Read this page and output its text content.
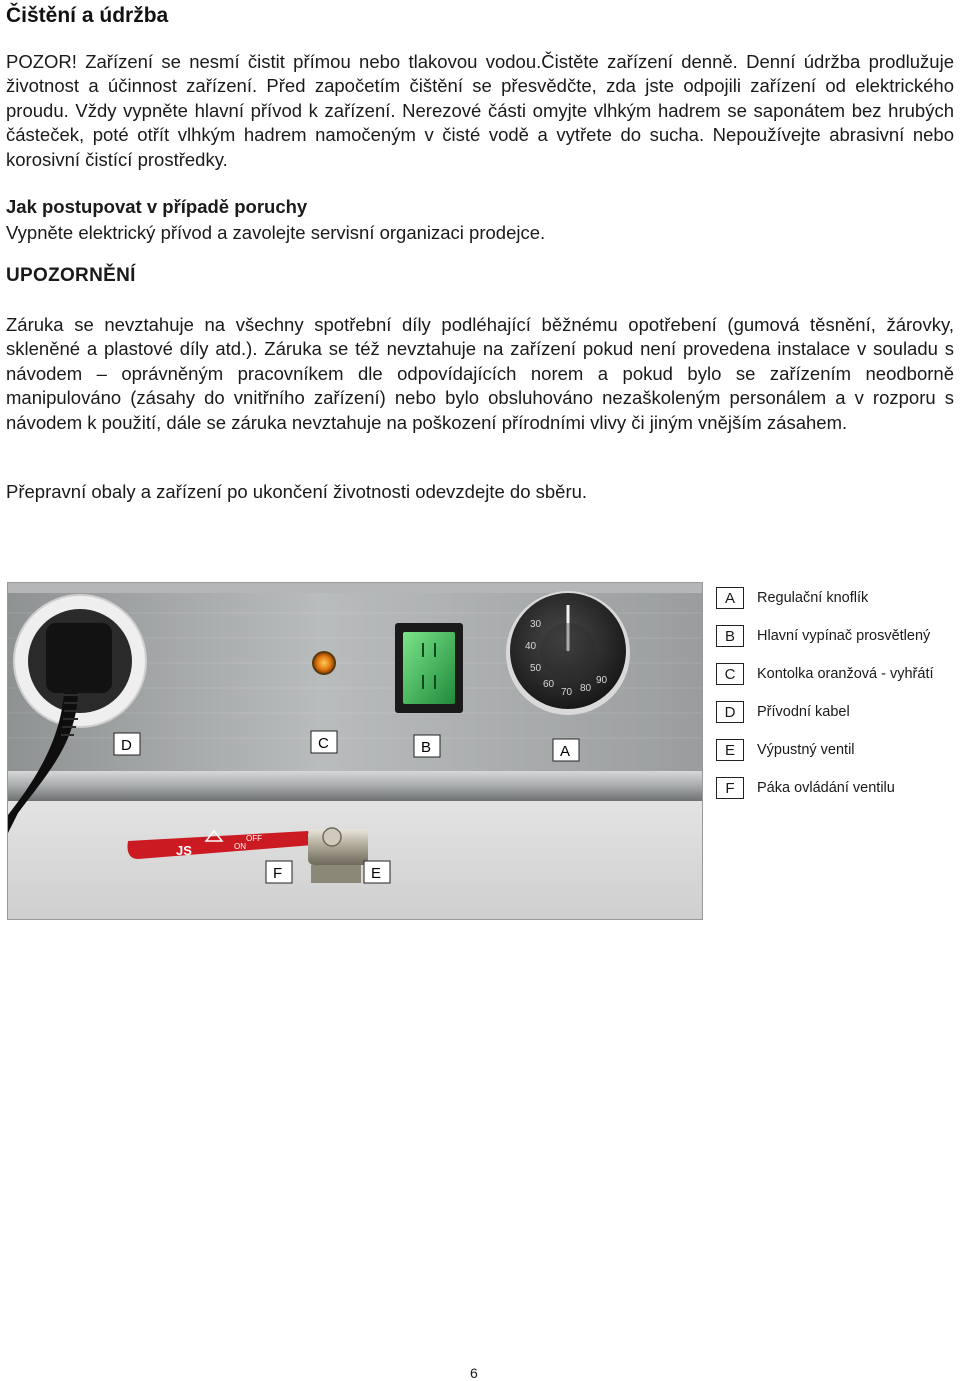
Čištění a údržba

POZOR! Zařízení se nesmí čistit přímou nebo tlakovou vodou.Čistěte zařízení denně. Denní údržba prodlužuje životnost a účinnost zařízení. Před započetím čištění se přesvědčte, zda jste odpojili zařízení od elektrického proudu. Vždy vypněte hlavní přívod k zařízení. Nerezové části omyjte vlhkým hadrem se saponátem bez hrubých částeček, poté otřít vlhkým hadrem namočeným v čisté vodě a vytřete do sucha. Nepoužívejte abrasivní nebo korosivní čistící prostředky.

Jak postupovat v případě poruchy

Vypněte elektrický přívod a zavolejte servisní organizaci prodejce.

UPOZORNĚNÍ

Záruka se nevztahuje na všechny spotřební díly podléhající běžnému opotřebení (gumová těsnění, žárovky, skleněné a plastové díly atd.). Záruka se též nevztahuje na zařízení pokud není provedena instalace v souladu s návodem – oprávněným pracovníkem dle odpovídajících norem a pokud bylo se zařízením neodborně manipulováno (zásahy do vnitřního zařízení) nebo bylo obsluhováno nezaškoleným personálem a v rozporu s návodem k použití, dále se záruka nevztahuje na poškození přírodními vlivy či jiným vnějším zásahem.

Přepravní obaly a zařízení po ukončení životnosti odevzdejte do sběru.

30
40
50
60
70 80
90
JS	ON
OFF
D	C	B	A
F	E
A	Regulační knoflík
B	Hlavní vypínač prosvětlený
C	Kontolka oranžová - vyhřátí
D	Přívodní kabel
E	Výpustný ventil
F	Páka ovládání ventilu
6
